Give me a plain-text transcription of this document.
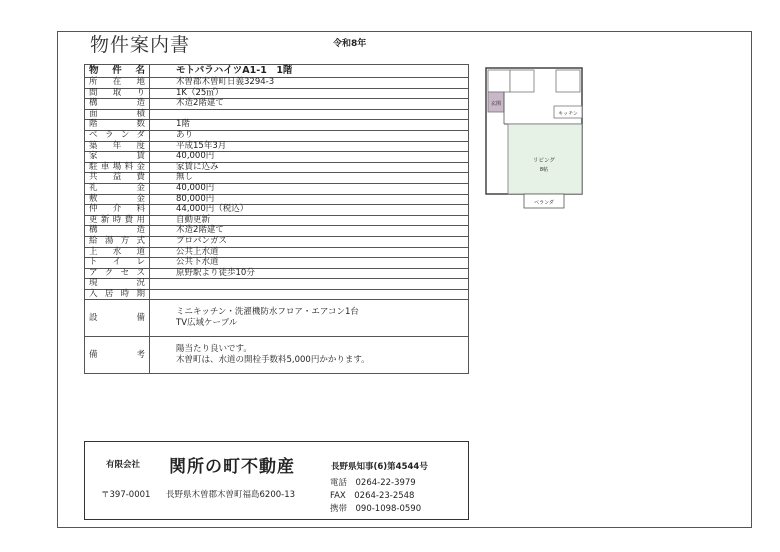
物件案内書	令和8年
物　件　名	モトパラハイツA1-1　1階
所在地	木曽郡木曽町日義3294-3
間取り	1K（25㎡）
構造	木造2階建て
面積	
階数	1階
ベランダ	あり
築年度	平成15年3月
家賃	40,000円
駐車場料金	家賃に込み
共益費	無し
礼金	40,000円
敷金	80,000円
仲介料	44,000円（税込）
更新時費用	自動更新
構造	木造2階建て
給湯方式	プロパンガス
上水道	公共上水道
トイレ	公共下水道
アクセス	原野駅より徒歩10分
現況	
入居時期	
設　　備	ミニキッチン・洗濯機防水フロア・エアコン1台
TV広域ケーブル

備　　考	陽当たり良いです。
木曽町は、水道の開栓手数料5,000円かかります。
玄関
キッチン
リビング
8帖
ベランダ
有限会社 関所の町不動産	長野県知事(6)第4544号
〒397-0001 長野県木曽郡木曽町福島6200-13
電話　0264-22-3979
FAX　0264-23-2548
携帯　090-1098-0590
